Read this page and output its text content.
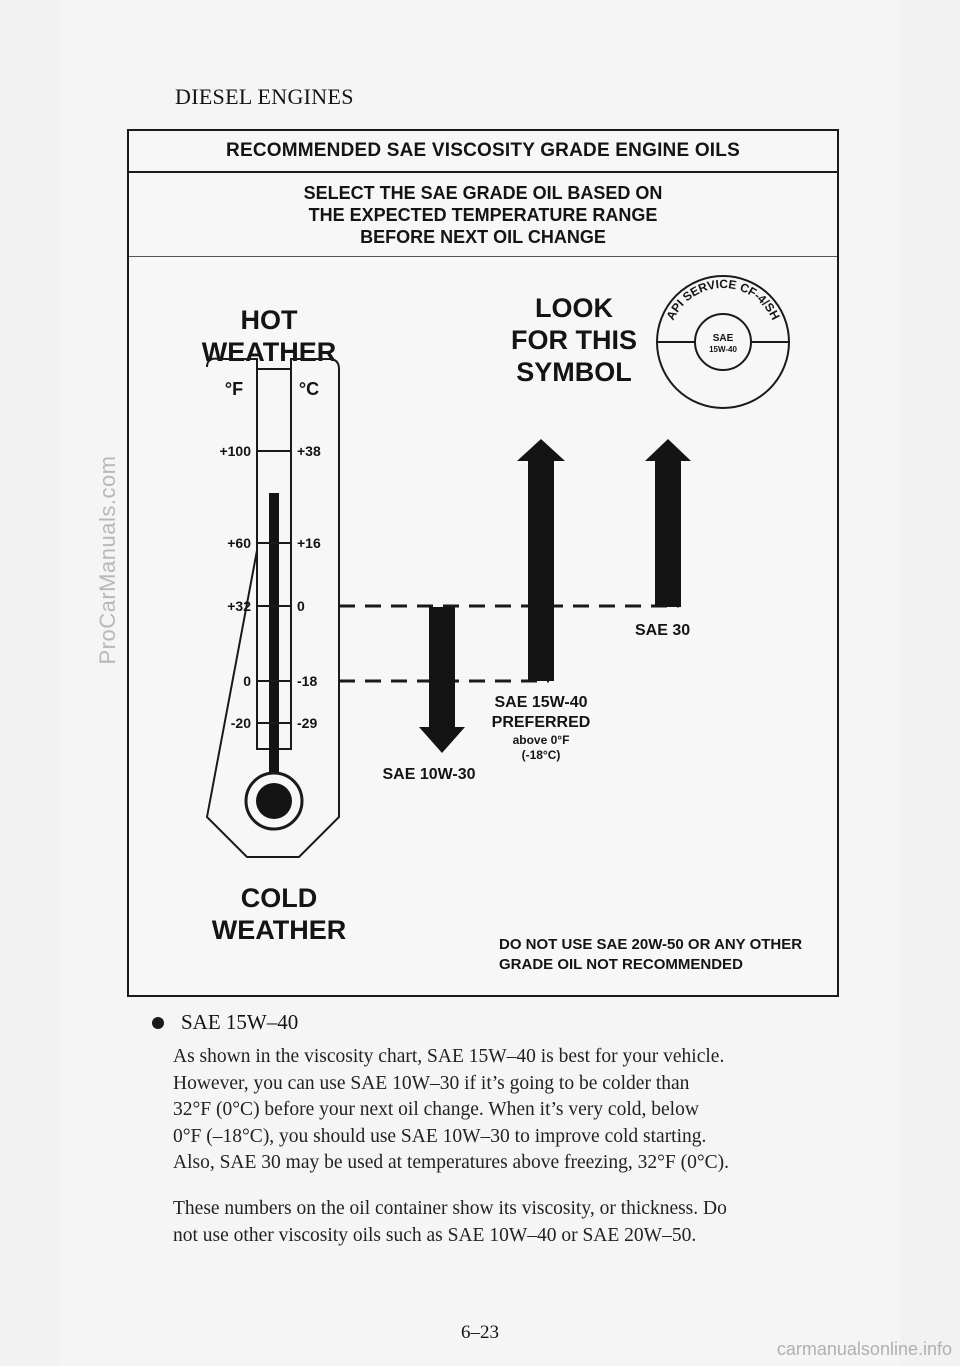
ProCarManuals.com
DIESEL ENGINES
RECOMMENDED SAE VISCOSITY GRADE ENGINE OILS
SELECT THE SAE GRADE OIL BASED ON
THE EXPECTED TEMPERATURE RANGE
BEFORE NEXT OIL CHANGE
HOT
WEATHER
°F	°C
+100	+38
+60	+16
+32	0
0	-18
-20	-29
LOOK
FOR THIS
SYMBOL
API SERVICE CF-4/SH
SAE
15W-40
SAE 30
SAE 15W-40
PREFERRED
above 0°F
(-18°C)
SAE 10W-30
COLD
WEATHER	DO NOT USE SAE 20W-50 OR ANY OTHER
GRADE OIL NOT RECOMMENDED
SAE 15W–40
As shown in the viscosity chart, SAE 15W–40 is best for your vehicle.
However, you can use SAE 10W–30 if it’s going to be colder than
32°F (0°C) before your next oil change. When it’s very cold, below
0°F (–18°C), you should use SAE 10W–30 to improve cold starting.
Also, SAE 30 may be used at temperatures above freezing, 32°F (0°C).
These numbers on the oil container show its viscosity, or thickness. Do
not use other viscosity oils such as SAE 10W–40 or SAE 20W–50.
6–23
carmanualsonline.info
